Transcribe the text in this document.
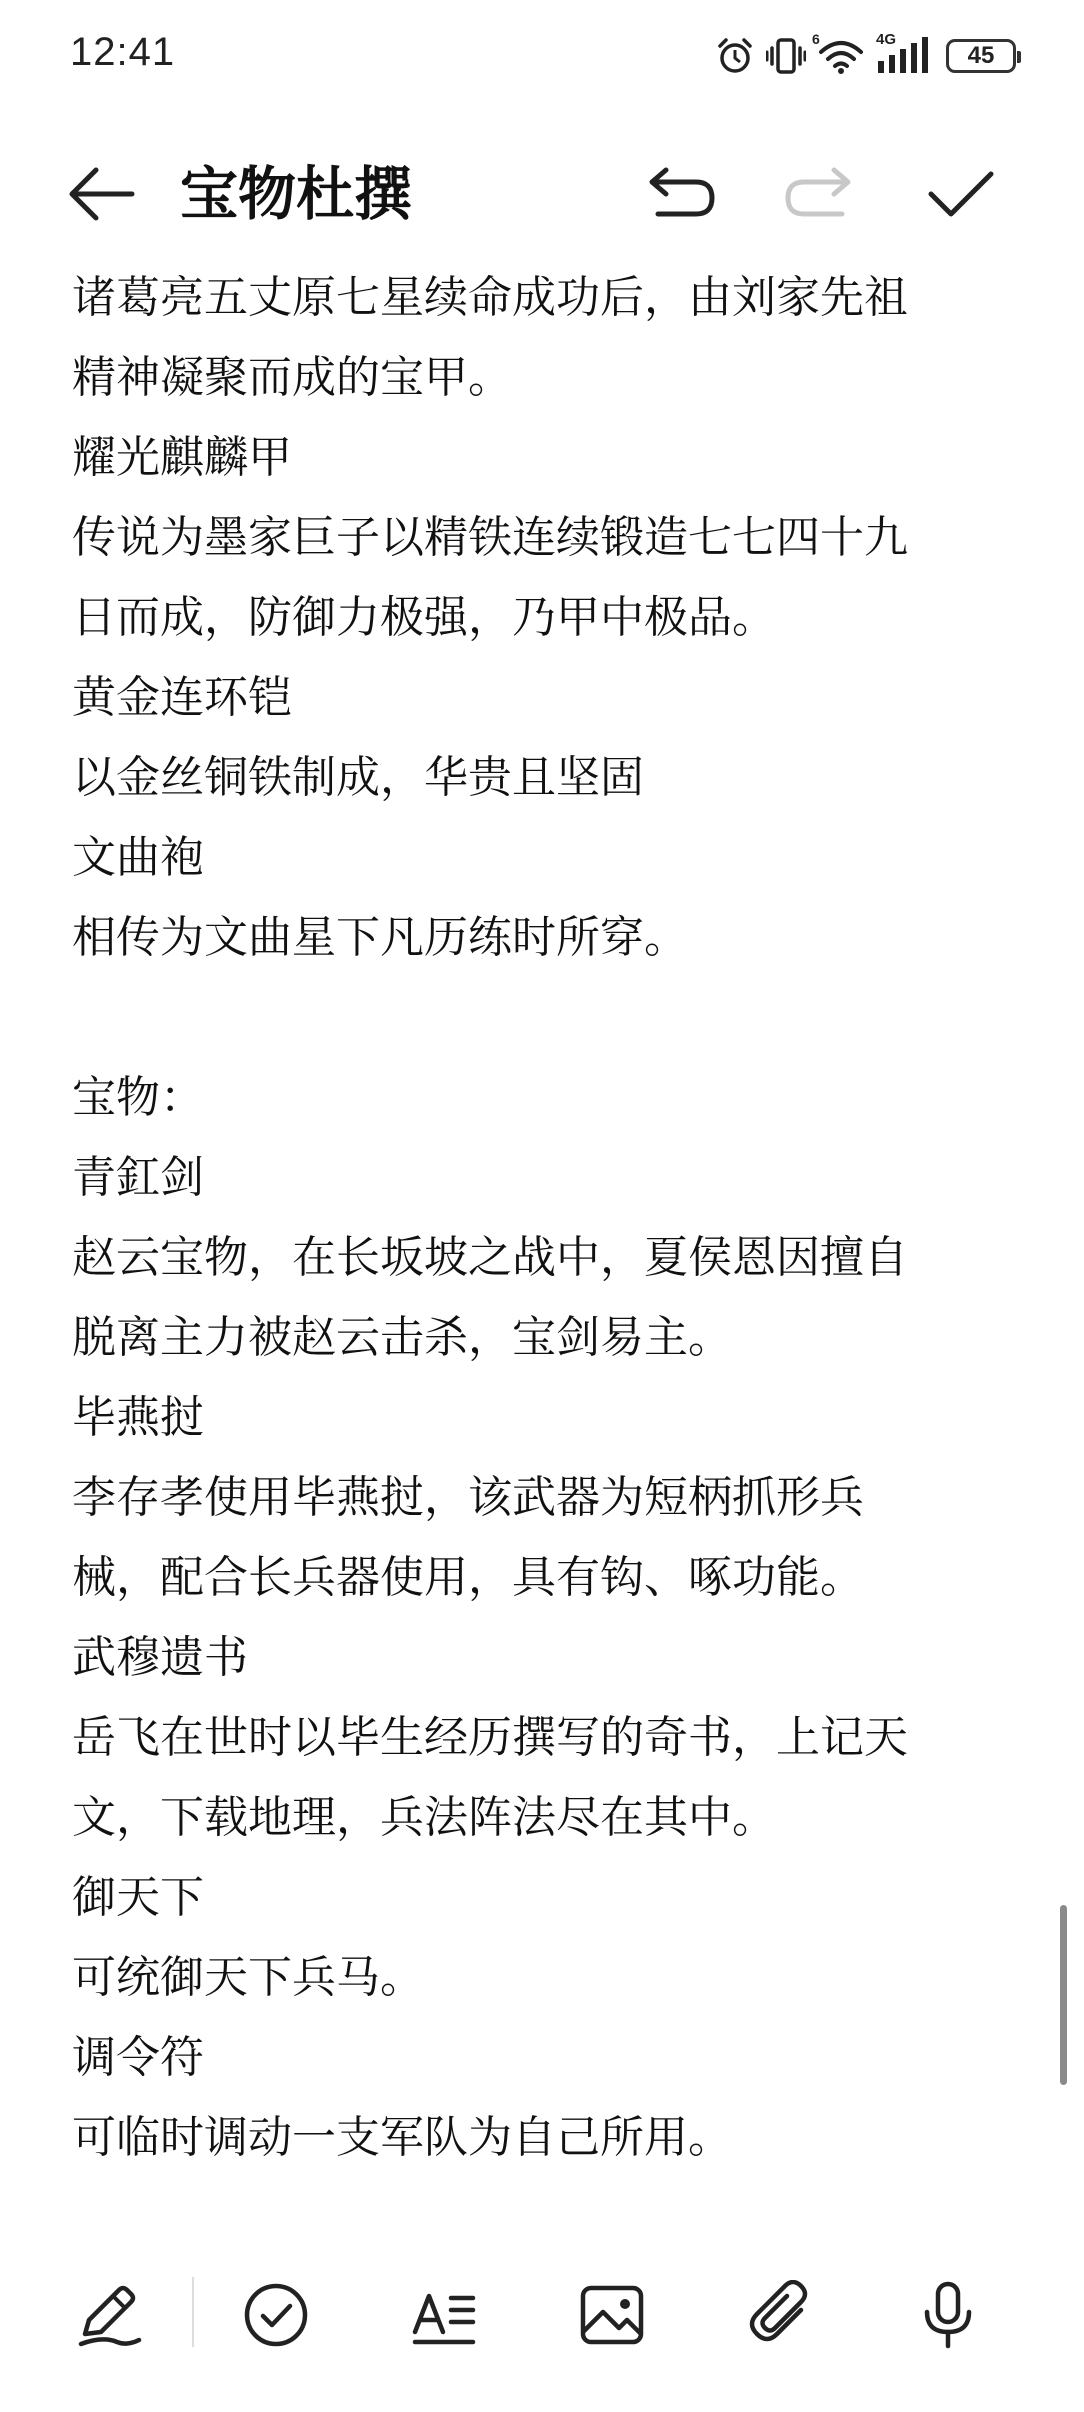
12:41	6	4G
45
宝物杜撰
诸葛亮五丈原七星续命成功后，由刘家先祖
精神凝聚而成的宝甲。
耀光麒麟甲
传说为墨家巨子以精铁连续锻造七七四十九
日而成，防御力极强，乃甲中极品。
黄金连环铠
以金丝铜铁制成，华贵且坚固
文曲袍
相传为文曲星下凡历练时所穿。
宝物：
青釭剑
赵云宝物，在长坂坡之战中，夏侯恩因擅自
脱离主力被赵云击杀，宝剑易主。
毕燕挝
李存孝使用毕燕挝，该武器为短柄抓形兵
械，配合长兵器使用，具有钩、啄功能。
武穆遗书
岳飞在世时以毕生经历撰写的奇书，上记天
文，下载地理，兵法阵法尽在其中。
御天下
可统御天下兵马。
调令符
可临时调动一支军队为自己所用。
